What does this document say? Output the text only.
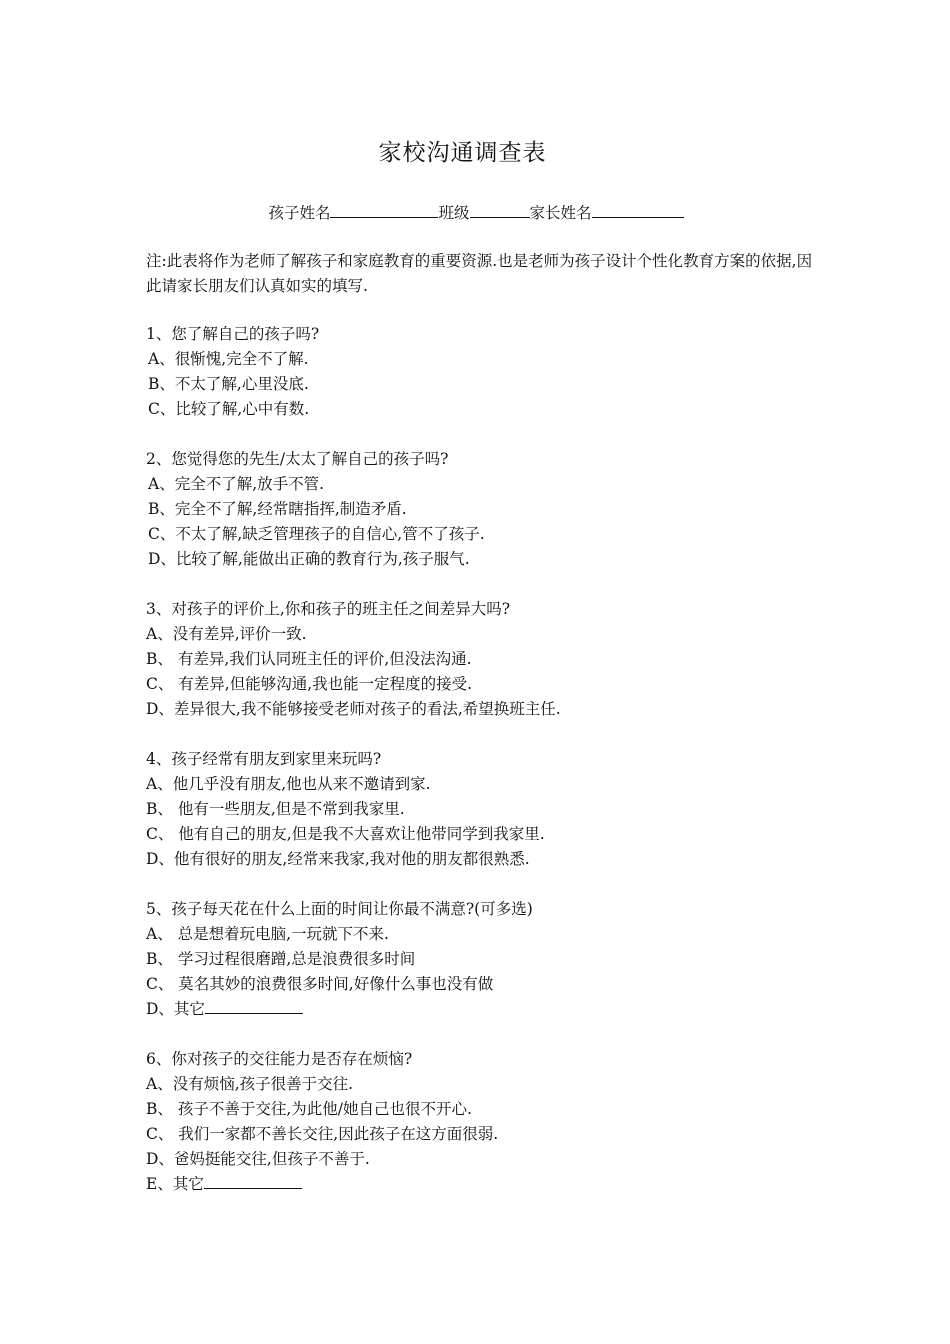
家校沟通调查表
孩子姓名	班级	家长姓名
注:此表将作为老师了解孩子和家庭教育的重要资源.也是老师为孩子设计个性化教育方案的依据,因此请家长朋友们认真如实的填写.
1、您了解自己的孩子吗?
A、很惭愧,完全不了解.
B、不太了解,心里没底.
C、比较了解,心中有数.
2、您觉得您的先生/太太了解自己的孩子吗?
A、完全不了解,放手不管.
B、完全不了解,经常瞎指挥,制造矛盾.
C、不太了解,缺乏管理孩子的自信心,管不了孩子.
D、比较了解,能做出正确的教育行为,孩子服气.
3、对孩子的评价上,你和孩子的班主任之间差异大吗?
A、没有差异,评价一致.
B、 有差异,我们认同班主任的评价,但没法沟通.
C、 有差异,但能够沟通,我也能一定程度的接受.
D、差异很大,我不能够接受老师对孩子的看法,希望换班主任.
4、孩子经常有朋友到家里来玩吗?
A、他几乎没有朋友,他也从来不邀请到家.
B、 他有一些朋友,但是不常到我家里.
C、 他有自己的朋友,但是我不大喜欢让他带同学到我家里.
D、他有很好的朋友,经常来我家,我对他的朋友都很熟悉.
5、孩子每天花在什么上面的时间让你最不满意?(可多选)
A、 总是想着玩电脑,一玩就下不来.
B、 学习过程很磨蹭,总是浪费很多时间
C、 莫名其妙的浪费很多时间,好像什么事也没有做
D、其它
6、你对孩子的交往能力是否存在烦恼?
A、没有烦恼,孩子很善于交往.
B、 孩子不善于交往,为此他/她自己也很不开心.
C、 我们一家都不善长交往,因此孩子在这方面很弱.
D、爸妈挺能交往,但孩子不善于.
E、其它
